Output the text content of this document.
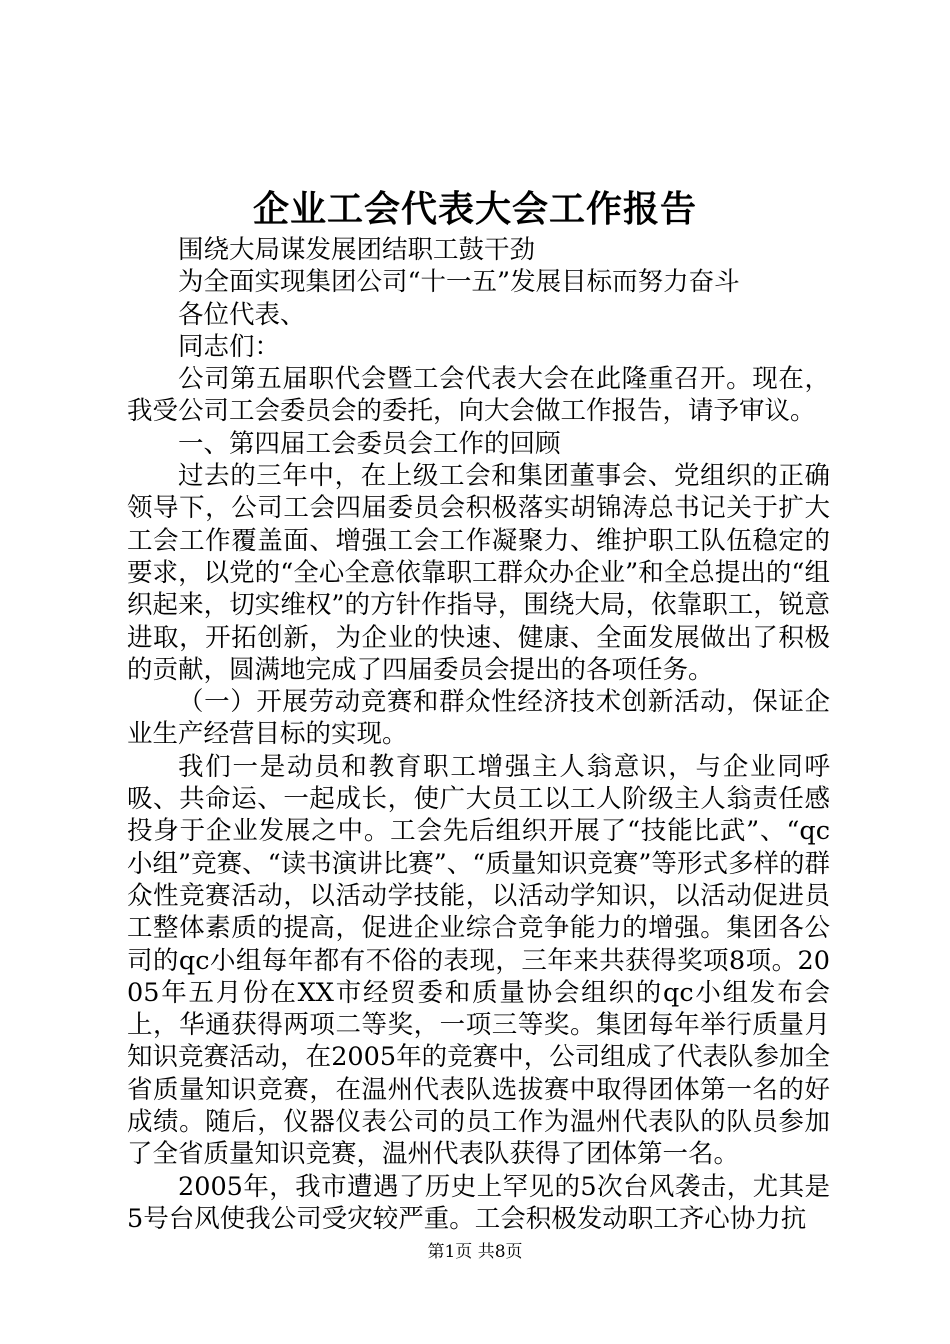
企业工会代表大会工作报告

围绕大局谋发展团结职工鼓干劲

为全面实现集团公司“十一五”发展目标而努力奋斗

各位代表、

同志们：

公司第五届职代会暨工会代表大会在此隆重召开。现在，我受公司工会委员会的委托，向大会做工作报告，请予审议。

一、第四届工会委员会工作的回顾

过去的三年中，在上级工会和集团董事会、党组织的正确领导下，公司工会四届委员会积极落实胡锦涛总书记关于扩大工会工作覆盖面、增强工会工作凝聚力、维护职工队伍稳定的要求，以党的“全心全意依靠职工群众办企业”和全总提出的“组织起来，切实维权”的方针作指导，围绕大局，依靠职工，锐意进取，开拓创新，为企业的快速、健康、全面发展做出了积极的贡献，圆满地完成了四届委员会提出的各项任务。

（一）开展劳动竞赛和群众性经济技术创新活动，保证企业生产经营目标的实现。

我们一是动员和教育职工增强主人翁意识，与企业同呼吸、共命运、一起成长，使广大员工以工人阶级主人翁责任感投身于企业发展之中。工会先后组织开展了“技能比武”、“qc小组”竞赛、“读书演讲比赛”、“质量知识竞赛”等形式多样的群众性竞赛活动，以活动学技能，以活动学知识，以活动促进员工整体素质的提高，促进企业综合竞争能力的增强。集团各公司的qc小组每年都有不俗的表现，三年来共获得奖项8项。2005年五月份在XX市经贸委和质量协会组织的qc小组发布会上，华通获得两项二等奖，一项三等奖。集团每年举行质量月知识竞赛活动，在2005年的竞赛中，公司组成了代表队参加全省质量知识竞赛，在温州代表队选拔赛中取得团体第一名的好成绩。随后，仪器仪表公司的员工作为温州代表队的队员参加了全省质量知识竞赛，温州代表队获得了团体第一名。

2005年，我市遭遇了历史上罕见的5次台风袭击，尤其是5号台风使我公司受灾较严重。工会积极发动职工齐心协力抗

第1页 共8页
